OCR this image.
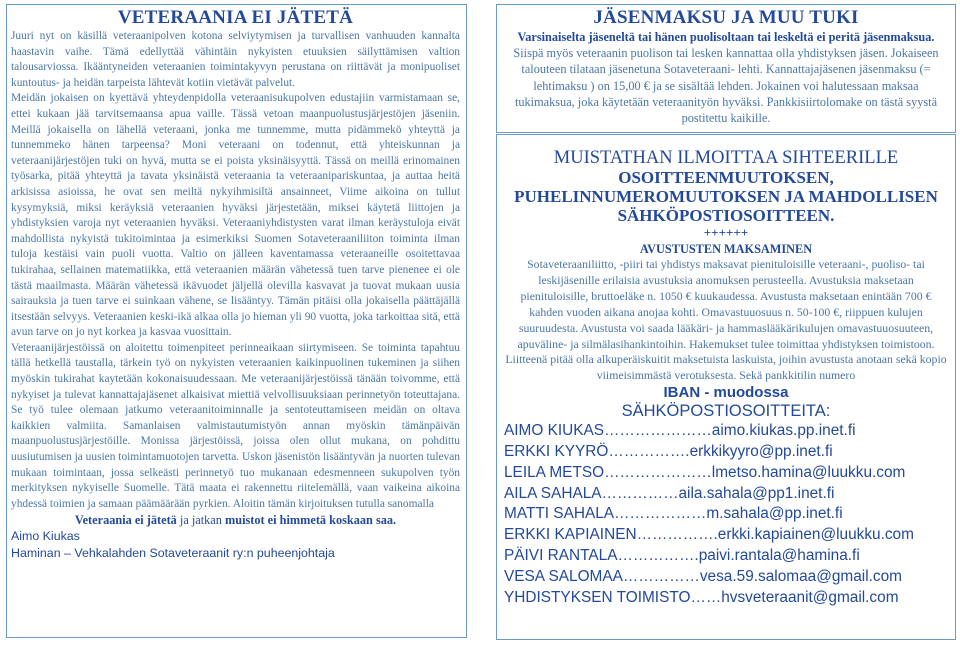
VETERAANIA EI JÄTETÄ

Juuri nyt on käsillä veteraanipolven kotona selviytymisen ja turvallisen vanhuuden kannalta haastavin vaihe. Tämä edellyttää vähintäin nykyisten etuuksien säilyttämisen valtion talousarviossa. Ikääntyneiden veteraanien toimintakyvyn perustana on riittävät ja monipuoliset kuntoutus- ja heidän tarpeista lähtevät kotiin vietävät palvelut.

Meidän jokaisen on kyettävä yhteydenpidolla veteraanisukupolven edustajiin varmistamaan se, ettei kukaan jää tarvitsemaansa apua vaille. Tässä vetoan maanpuolustusjärjestöjen jäseniin. Meillä jokaisella on lähellä veteraani, jonka me tunnemme, mutta pidämmekö yhteyttä ja tunnemmeko hänen tarpeensa? Moni veteraani on todennut, että yhteiskunnan ja veteraanijärjestöjen tuki on hyvä, mutta se ei poista yksinäisyyttä. Tässä on meillä erinomainen työsarka, pitää yhteyttä ja tavata yksinäistä veteraania ta veteraanipariskuntaa, ja auttaa heitä arkisissa asioissa, he ovat sen meiltä nykyihmisiltä ansainneet, Viime aikoina on tullut kysymyksiä, miksi keräyksiä veteraanien hyväksi järjestetään, miksei käytetä liittojen ja yhdistyksien varoja nyt veteraanien hyväksi. Veteraaniyhdistysten varat ilman keräystuloja eivät mahdollista nykyistä tukitoimintaa ja esimerkiksi Suomen Sotaveteraaniliiton toiminta ilman tuloja kestäisi vain puoli vuotta. Valtio on jälleen kaventamassa veteraaneille osoitettavaa tukirahaa, sellainen matematiikka, että veteraanien määrän vähetessä tuen tarve pienenee ei ole tästä maailmasta. Määrän vähetessä ikävuodet jäljellä olevilla kasvavat ja tuovat mukaan uusia sairauksia ja tuen tarve ei suinkaan vähene, se lisääntyy. Tämän pitäisi olla jokaisella päättäjällä itsestään selvyys. Veteraanien keski-ikä alkaa olla jo hieman yli 90 vuotta, joka tarkoittaa sitä, että avun tarve on jo nyt korkea ja kasvaa vuosittain.

Veteraanijärjestöissä on aloitettu toimenpiteet perinneaikaan siirtymiseen. Se toiminta tapahtuu tällä hetkellä taustalla, tärkein työ on nykyisten veteraanien kaikinpuolinen tukeminen ja siihen myöskin tukirahat kaytetään kokonaisuudessaan. Me veteraanijärjestöissä tänään toivomme, että nykyiset ja tulevat kannattajajäsenet alkaisivat miettiä velvollisuuksiaan perinnetyön toteuttajana. Se työ tulee olemaan jatkumo veteraanitoiminnalle ja sentoteuttamiseen meidän on oltava kaikkien valmiita. Samanlaisen valmistautumistyön annan myöskin tämänpäivän maanpuolustusjärjestöille. Monissa järjestöissä, joissa olen ollut mukana, on pohdittu uusiutumisen ja uusien toimintamuotojen tarvetta. Uskon jäsenistön lisääntyvän ja nuorten tulevan mukaan toimintaan, jossa selkeästi perinnetyö tuo mukanaan edesmenneen sukupolven työn merkityksen nykyiselle Suomelle. Tätä maata ei rakennettu riitelemällä, vaan vaikeina aikoina yhdessä toimien ja samaan päämäärään pyrkien. Aloitin tämän kirjoituksen tutulla sanomalla

Veteraania ei jätetä ja jatkan muistot ei himmetä koskaan saa.

Aimo Kiukas

Haminan – Vehkalahden Sotaveteraanit ry:n puheenjohtaja

JÄSENMAKSU JA MUU TUKI

Varsinaiselta jäseneltä tai hänen puolisoltaan tai leskeltä ei peritä jäsenmaksua. Siispä myös veteraanin puolison tai lesken kannattaa olla yhdistyksen jäsen. Jokaiseen talouteen tilataan jäsenetuna Sotaveteraani- lehti. Kannattajajäsenen jäsenmaksu (= lehtimaksu ) on 15,00 € ja se sisältää lehden. Jokainen voi halutessaan maksaa tukimaksua, joka käytetään veteraanityön hyväksi. Pankkisiirtolomake on tästä syystä postitettu kaikille.

MUISTATHAN ILMOITTAA SIHTEERILLE
OSOITTEENMUUTOKSEN, PUHELINNUMEROMUUTOKSEN JA MAHDOLLISEN SÄHKÖPOSTIOSOITTEEN.
++++++
AVUSTUSTEN MAKSAMINEN

Sotaveteraaniliitto, -piiri tai yhdistys maksavat pienituloisille veteraani-, puoliso- tai leskijäsenille erilaisia avustuksia anomuksen perusteella. Avustuksia maksetaan pienituloisille, bruttoeläke n. 1050 € kuukaudessa. Avustusta maksetaan enintään 700 € kahden vuoden aikana anojaa kohti. Omavastuuosuus n. 50-100 €, riippuen kulujen suuruudesta. Avustusta voi saada lääkäri- ja hammaslääkärikulujen omavastuuosuuteen, apuväline- ja silmälasihankintoihin. Hakemukset tulee toimittaa yhdistyksen toimistoon. Liitteenä pitää olla alkuperäiskuitit maksetuista laskuista, joihin avustusta anotaan sekä kopio viimeisimmästä verotuksesta. Sekä pankkitilin numero

IBAN - muodossa
SÄHKÖPOSTIOSOITTEITA:

AIMO KIUKAS…………………aimo.kiukas.pp.inet.fi

ERKKI KYYRÖ…………….erkkikyyro@pp.inet.fi

LEILA METSO…………………lmetso.hamina@luukku.com

AILA SAHALA……………aila.sahala@pp1.inet.fi

MATTI SAHALA………………m.sahala@pp.inet.fi

ERKKI KAPIAINEN…………….erkki.kapiainen@luukku.com

PÄIVI RANTALA…………….paivi.rantala@hamina.fi

VESA SALOMAA……………vesa.59.salomaa@gmail.com

YHDISTYKSEN TOIMISTO……hvsveteraanit@gmail.com
